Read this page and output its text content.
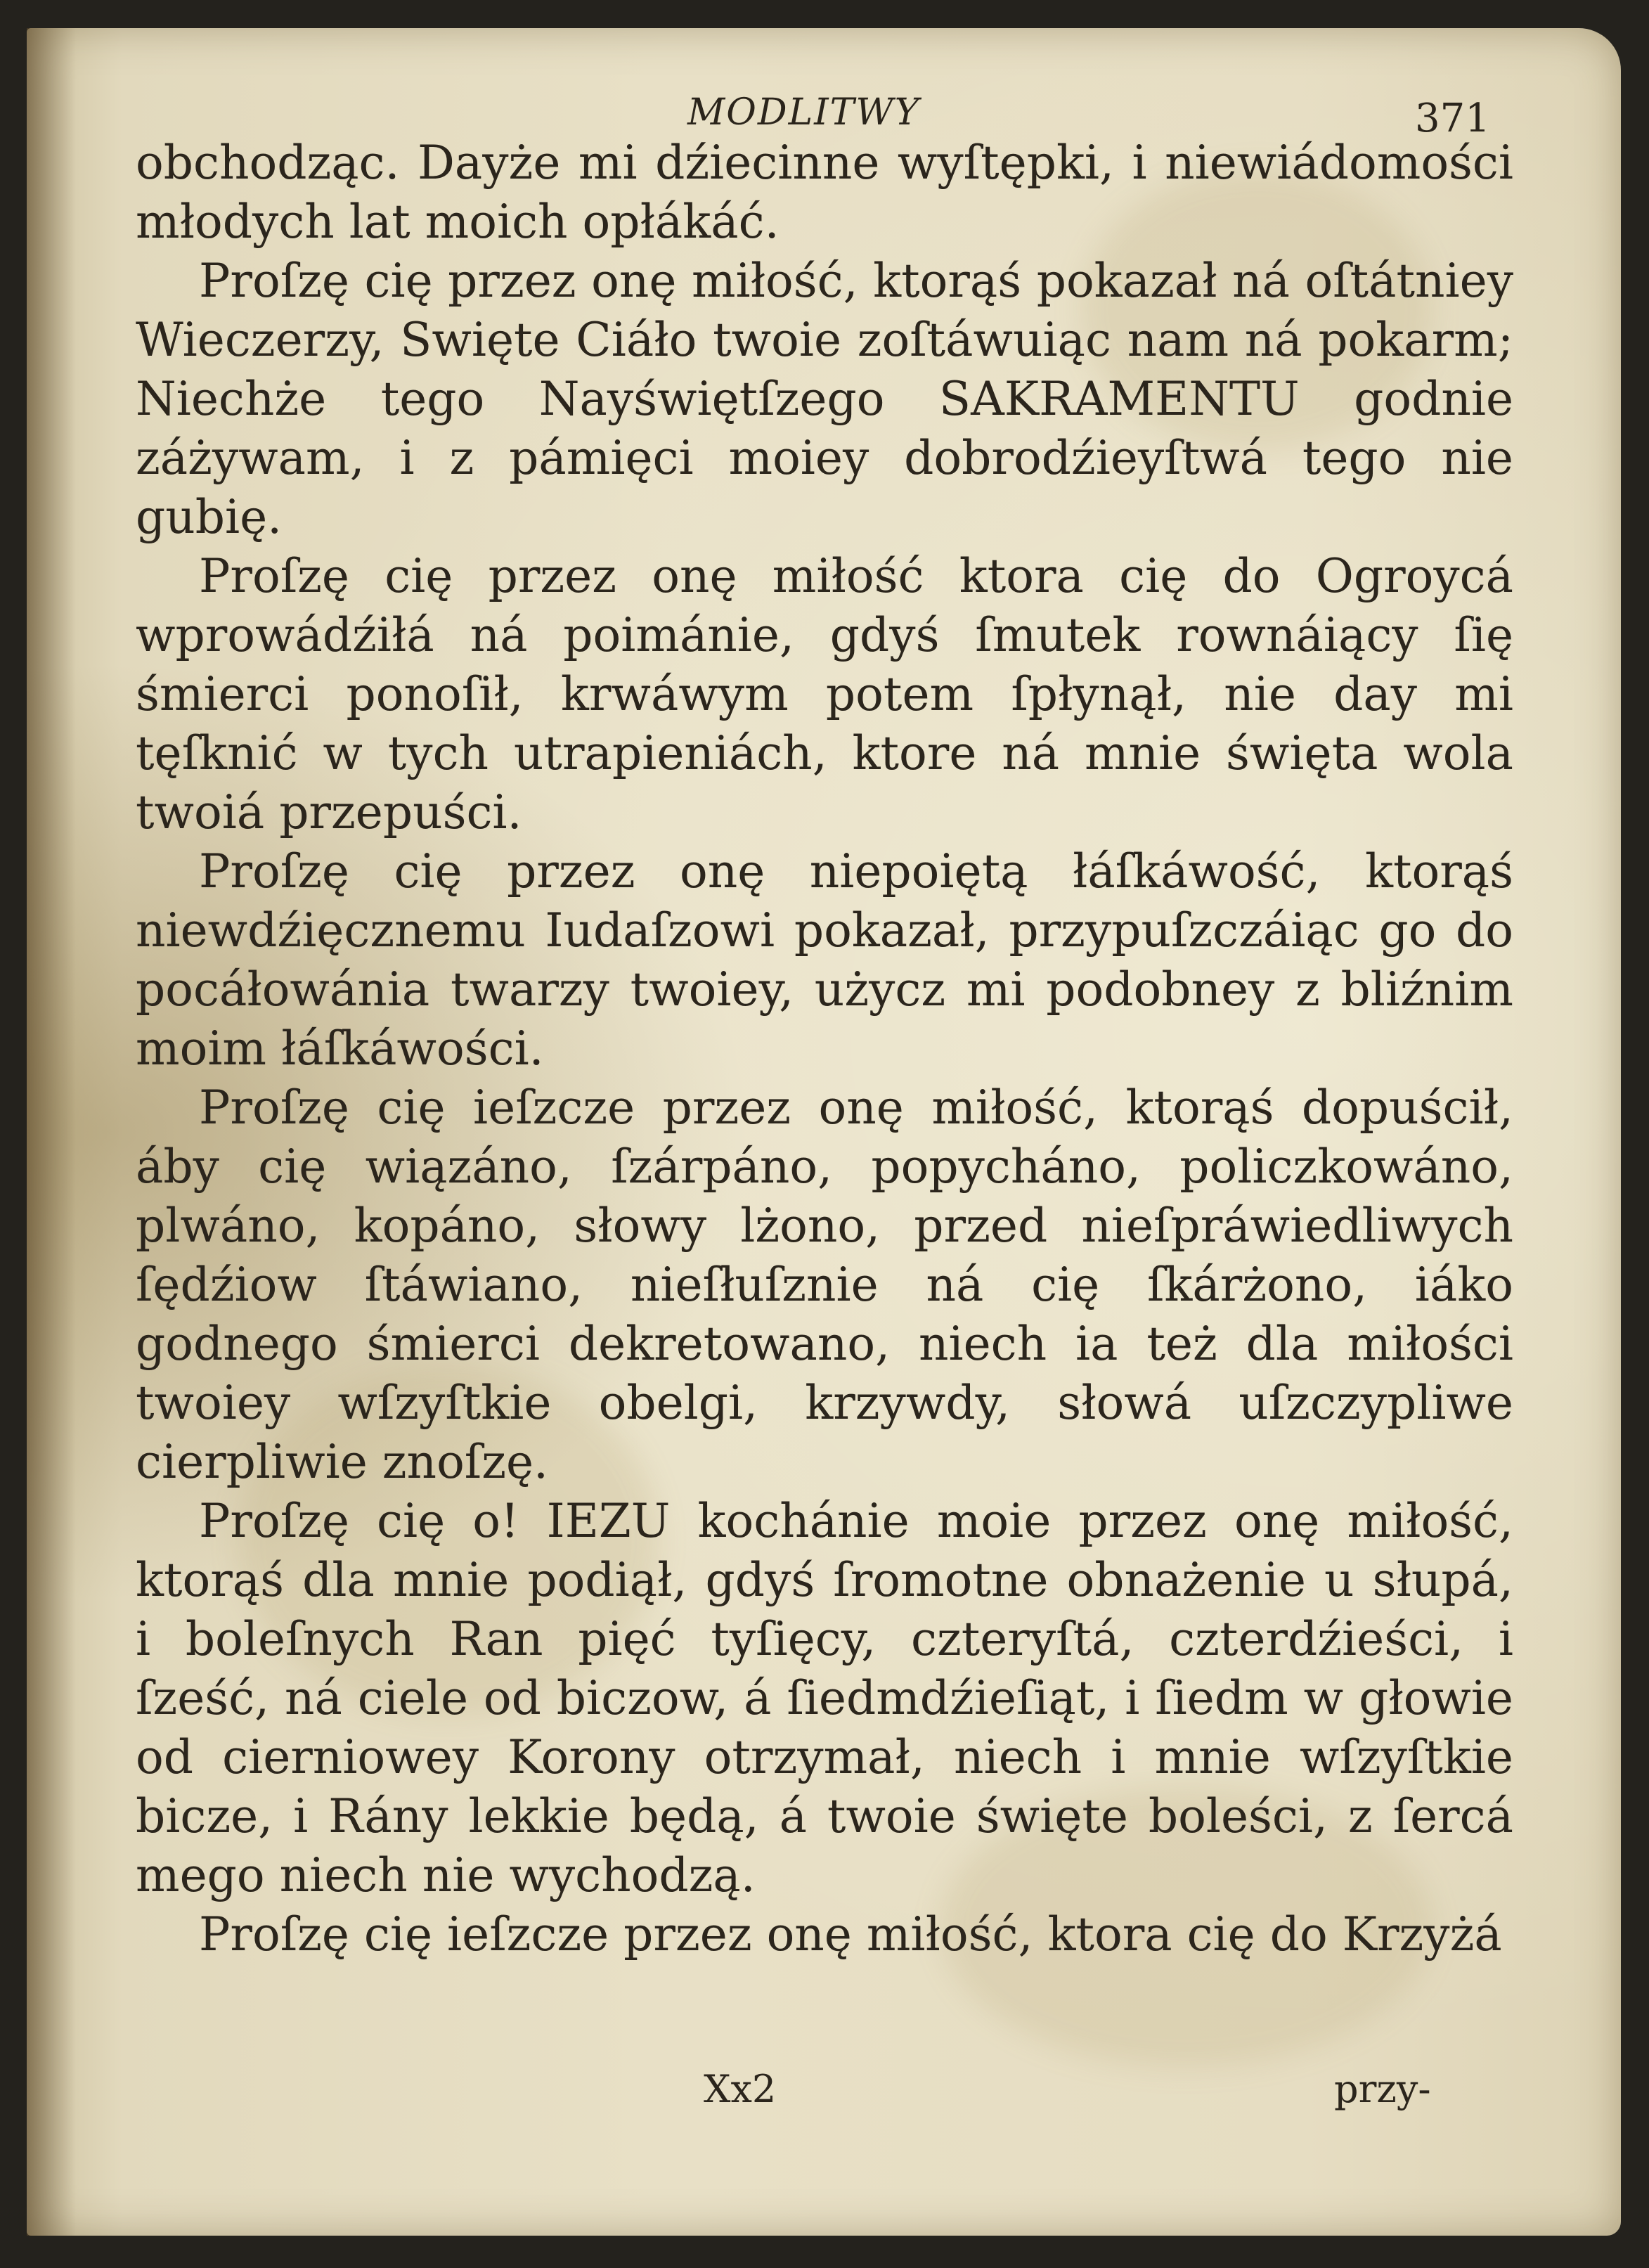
MODLITWY	371

obchodząc. Dayże mi dźiecinne wyſtępki, i niewiádomości młodych lat moich opłákáć.

Proſzę cię przez onę miłość, ktorąś pokazał ná oſtátniey Wieczerzy, Swięte Ciáło twoie zoſtáwuiąc nam ná pokarm; Niechże tego Nayświętſzego SAKRAMENTU godnie záżywam, i z pámięci moiey dobrodźieyſtwá tego nie gubię.

Proſzę cię przez onę miłość ktora cię do Ogroycá wprowádźiłá ná poimánie, gdyś ſmutek rownáiący ſię śmierci ponoſił, krwáwym potem ſpłynął, nie day mi tęſknić w tych utrapieniách, ktore ná mnie święta wola twoiá przepuści.

Proſzę cię przez onę niepoiętą łáſkáwość, ktorąś niewdźięcznemu Iudaſzowi pokazał, przypuſzczáiąc go do pocáłowánia twarzy twoiey, użycz mi podobney z bliźnim moim łáſkáwości.

Proſzę cię ieſzcze przez onę miłość, ktorąś dopuścił, áby cię wiązáno, ſzárpáno, popycháno, policzkowáno, plwáno, kopáno, słowy lżono, przed nieſpráwiedliwych ſędźiow ſtáwiano, nieſłuſznie ná cię ſkárżono, iáko godnego śmierci dekretowano, niech ia też dla miłości twoiey wſzyſtkie obelgi, krzywdy, słowá uſzczypliwe cierpliwie znoſzę.

Proſzę cię o! IEZU kochánie moie przez onę miłość, ktorąś dla mnie podiął, gdyś ſromotne obnażenie u słupá, i boleſnych Ran pięć tyſięcy, czteryſtá, czterdźieści, i ſześć, ná ciele od biczow, á ſiedmdźieſiąt, i ſiedm w głowie od cierniowey Korony otrzymał, niech i mnie wſzyſtkie bicze, i Rány lekkie będą, á twoie święte boleści, z ſercá mego niech nie wychodzą.

Proſzę cię ieſzcze przez onę miłość, ktora cię do Krzyżá

Xx2	przy-
